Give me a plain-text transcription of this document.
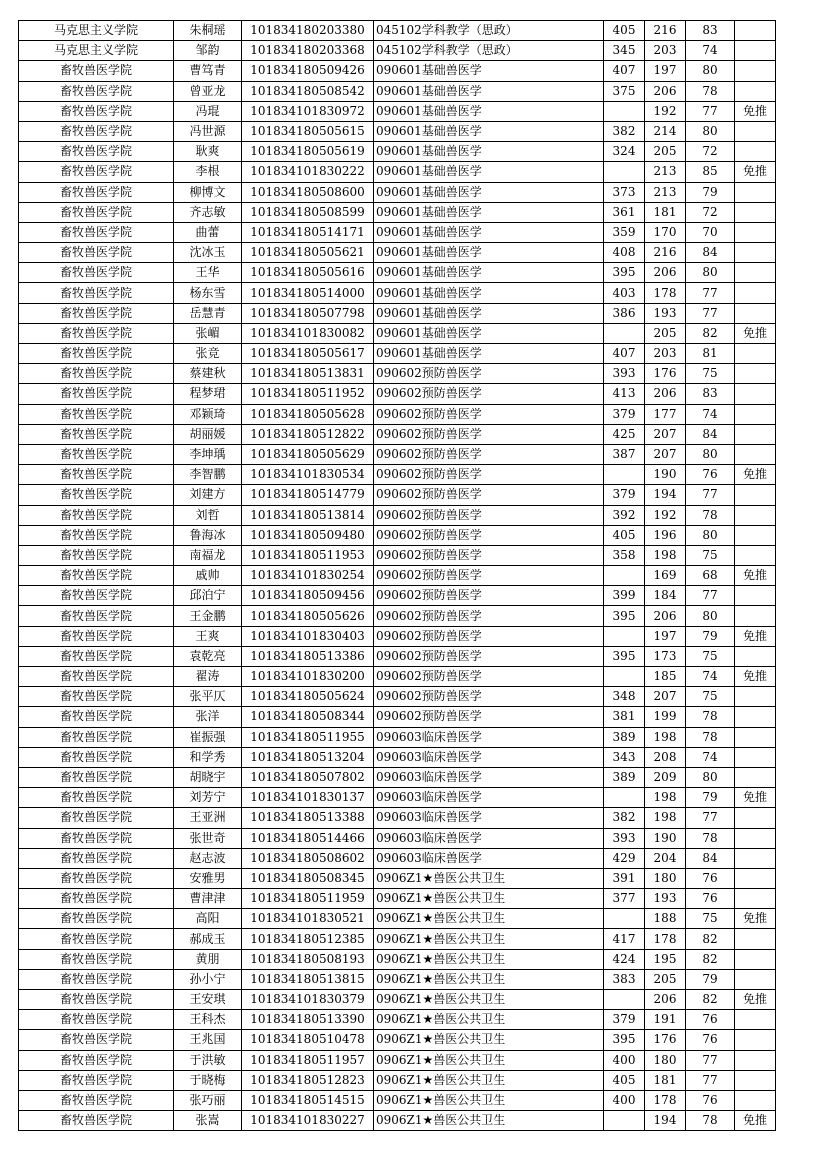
马克思主义学院	朱桐瑶	101834180203380	045102学科教学（思政）	405	216	83	
马克思主义学院	邹韵	101834180203368	045102学科教学（思政）	345	203	74	
畜牧兽医学院	曹笃青	101834180509426	090601基础兽医学	407	197	80	
畜牧兽医学院	曾亚龙	101834180508542	090601基础兽医学	375	206	78	
畜牧兽医学院	冯琨	101834101830972	090601基础兽医学		192	77	免推
畜牧兽医学院	冯世源	101834180505615	090601基础兽医学	382	214	80	
畜牧兽医学院	耿爽	101834180505619	090601基础兽医学	324	205	72	
畜牧兽医学院	李根	101834101830222	090601基础兽医学		213	85	免推
畜牧兽医学院	柳博文	101834180508600	090601基础兽医学	373	213	79	
畜牧兽医学院	齐志敏	101834180508599	090601基础兽医学	361	181	72	
畜牧兽医学院	曲蕾	101834180514171	090601基础兽医学	359	170	70	
畜牧兽医学院	沈冰玉	101834180505621	090601基础兽医学	408	216	84	
畜牧兽医学院	王华	101834180505616	090601基础兽医学	395	206	80	
畜牧兽医学院	杨东雪	101834180514000	090601基础兽医学	403	178	77	
畜牧兽医学院	岳慧青	101834180507798	090601基础兽医学	386	193	77	
畜牧兽医学院	张嵋	101834101830082	090601基础兽医学		205	82	免推
畜牧兽医学院	张竞	101834180505617	090601基础兽医学	407	203	81	
畜牧兽医学院	蔡建秋	101834180513831	090602预防兽医学	393	176	75	
畜牧兽医学院	程梦珺	101834180511952	090602预防兽医学	413	206	83	
畜牧兽医学院	邓颖琦	101834180505628	090602预防兽医学	379	177	74	
畜牧兽医学院	胡丽媛	101834180512822	090602预防兽医学	425	207	84	
畜牧兽医学院	李坤瑀	101834180505629	090602预防兽医学	387	207	80	
畜牧兽医学院	李智鹏	101834101830534	090602预防兽医学		190	76	免推
畜牧兽医学院	刘建方	101834180514779	090602预防兽医学	379	194	77	
畜牧兽医学院	刘哲	101834180513814	090602预防兽医学	392	192	78	
畜牧兽医学院	鲁海冰	101834180509480	090602预防兽医学	405	196	80	
畜牧兽医学院	南福龙	101834180511953	090602预防兽医学	358	198	75	
畜牧兽医学院	戚帅	101834101830254	090602预防兽医学		169	68	免推
畜牧兽医学院	邱泊宁	101834180509456	090602预防兽医学	399	184	77	
畜牧兽医学院	王金鹏	101834180505626	090602预防兽医学	395	206	80	
畜牧兽医学院	王爽	101834101830403	090602预防兽医学		197	79	免推
畜牧兽医学院	袁乾亮	101834180513386	090602预防兽医学	395	173	75	
畜牧兽医学院	翟涛	101834101830200	090602预防兽医学		185	74	免推
畜牧兽医学院	张平仄	101834180505624	090602预防兽医学	348	207	75	
畜牧兽医学院	张洋	101834180508344	090602预防兽医学	381	199	78	
畜牧兽医学院	崔振强	101834180511955	090603临床兽医学	389	198	78	
畜牧兽医学院	和学秀	101834180513204	090603临床兽医学	343	208	74	
畜牧兽医学院	胡晓宇	101834180507802	090603临床兽医学	389	209	80	
畜牧兽医学院	刘芳宁	101834101830137	090603临床兽医学		198	79	免推
畜牧兽医学院	王亚洲	101834180513388	090603临床兽医学	382	198	77	
畜牧兽医学院	张世奇	101834180514466	090603临床兽医学	393	190	78	
畜牧兽医学院	赵志波	101834180508602	090603临床兽医学	429	204	84	
畜牧兽医学院	安雅男	101834180508345	0906Z1★兽医公共卫生	391	180	76	
畜牧兽医学院	曹津津	101834180511959	0906Z1★兽医公共卫生	377	193	76	
畜牧兽医学院	高阳	101834101830521	0906Z1★兽医公共卫生		188	75	免推
畜牧兽医学院	郝成玉	101834180512385	0906Z1★兽医公共卫生	417	178	82	
畜牧兽医学院	黄朋	101834180508193	0906Z1★兽医公共卫生	424	195	82	
畜牧兽医学院	孙小宁	101834180513815	0906Z1★兽医公共卫生	383	205	79	
畜牧兽医学院	王安琪	101834101830379	0906Z1★兽医公共卫生		206	82	免推
畜牧兽医学院	王科杰	101834180513390	0906Z1★兽医公共卫生	379	191	76	
畜牧兽医学院	王兆国	101834180510478	0906Z1★兽医公共卫生	395	176	76	
畜牧兽医学院	于洪敏	101834180511957	0906Z1★兽医公共卫生	400	180	77	
畜牧兽医学院	于晓梅	101834180512823	0906Z1★兽医公共卫生	405	181	77	
畜牧兽医学院	张巧丽	101834180514515	0906Z1★兽医公共卫生	400	178	76	
畜牧兽医学院	张嵩	101834101830227	0906Z1★兽医公共卫生		194	78	免推
